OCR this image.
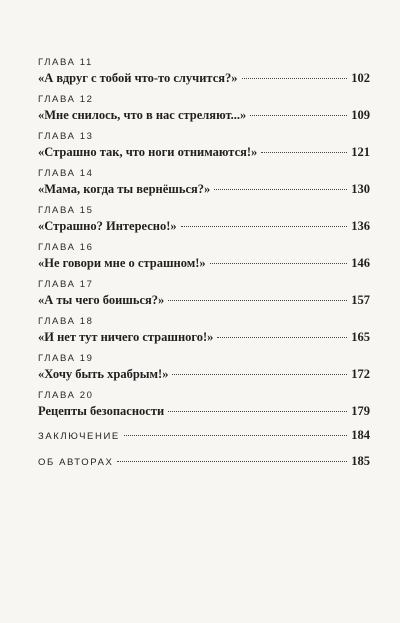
ГЛАВА 11
«А вдруг с тобой что-то случится?»	102
ГЛАВА 12
«Мне снилось, что в нас стреляют...»	109
ГЛАВА 13
«Страшно так, что ноги отнимаются!»	121
ГЛАВА 14
«Мама, когда ты вернёшься?»	130
ГЛАВА 15
«Страшно? Интересно!»	136
ГЛАВА 16
«Не говори мне о страшном!»	146
ГЛАВА 17
«А ты чего боишься?»	157
ГЛАВА 18
«И нет тут ничего страшного!»	165
ГЛАВА 19
«Хочу быть храбрым!»	172
ГЛАВА 20
Рецепты безопасности	179
ЗАКЛЮЧЕНИЕ	184
ОБ АВТОРАХ	185
